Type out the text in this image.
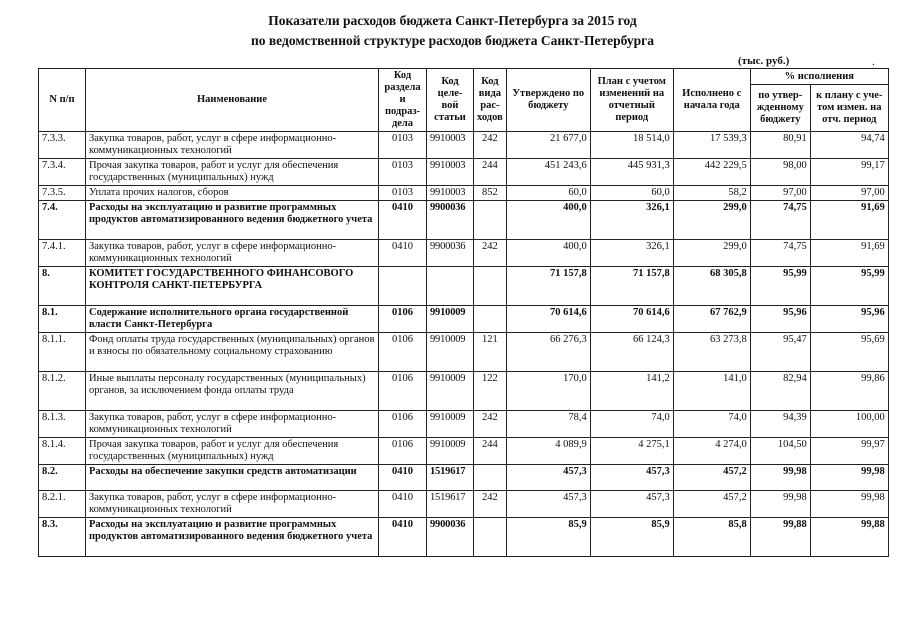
Показатели расходов бюджета Санкт-Петербурга за 2015 год
по ведомственной структуре расходов бюджета Санкт-Петербурга
(тыс. руб.)	.
N п/п	Наименование	Код раздела и подраз-дела	Код целе-вой статьи	Код вида рас-ходов	Утверждено по бюджету	План с учетом изменений на отчетный период	Исполнено с начала года	% исполнения	
								по утвер-жденному бюджету	к плану с уче-том измен. на отч. период
7.3.3.	Закупка товаров, работ, услуг в сфере информационно-коммуникационных технологий	0103	9910003	242	21 677,0	18 514,0	17 539,3	80,91	94,74
7.3.4.	Прочая закупка товаров, работ и услуг для обеспечения государственных (муниципальных) нужд	0103	9910003	244	451 243,6	445 931,3	442 229,5	98,00	99,17
7.3.5.	Уплата прочих налогов, сборов	0103	9910003	852	60,0	60,0	58,2	97,00	97,00
7.4.	Расходы на эксплуатацию и развитие программных продуктов автоматизированного ведения бюджетного учета	0410	9900036		400,0	326,1	299,0	74,75	91,69
7.4.1.	Закупка товаров, работ, услуг в сфере информационно-коммуникационных технологий	0410	9900036	242	400,0	326,1	299,0	74,75	91,69
8.	КОМИТЕТ ГОСУДАРСТВЕННОГО ФИНАНСОВОГО КОНТРОЛЯ САНКТ-ПЕТЕРБУРГА				71 157,8	71 157,8	68 305,8	95,99	95,99
8.1.	Содержание исполнительного органа государственной власти Санкт-Петербурга	0106	9910009		70 614,6	70 614,6	67 762,9	95,96	95,96
8.1.1.	Фонд оплаты труда государственных (муниципальных) органов и взносы по обязательному социальному страхованию	0106	9910009	121	66 276,3	66 124,3	63 273,8	95,47	95,69
8.1.2.	Иные выплаты персоналу государственных (муниципальных) органов, за исключением фонда оплаты труда	0106	9910009	122	170,0	141,2	141,0	82,94	99,86
8.1.3.	Закупка товаров, работ, услуг в сфере информационно-коммуникационных технологий	0106	9910009	242	78,4	74,0	74,0	94,39	100,00
8.1.4.	Прочая закупка товаров, работ и услуг для обеспечения государственных (муниципальных) нужд	0106	9910009	244	4 089,9	4 275,1	4 274,0	104,50	99,97
8.2.	Расходы на обеспечение закупки средств автоматизации	0410	1519617		457,3	457,3	457,2	99,98	99,98
8.2.1.	Закупка товаров, работ, услуг в сфере информационно-коммуникационных технологий	0410	1519617	242	457,3	457,3	457,2	99,98	99,98
8.3.	Расходы на эксплуатацию и развитие программных продуктов автоматизированного ведения бюджетного учета	0410	9900036		85,9	85,9	85,8	99,88	99,88
